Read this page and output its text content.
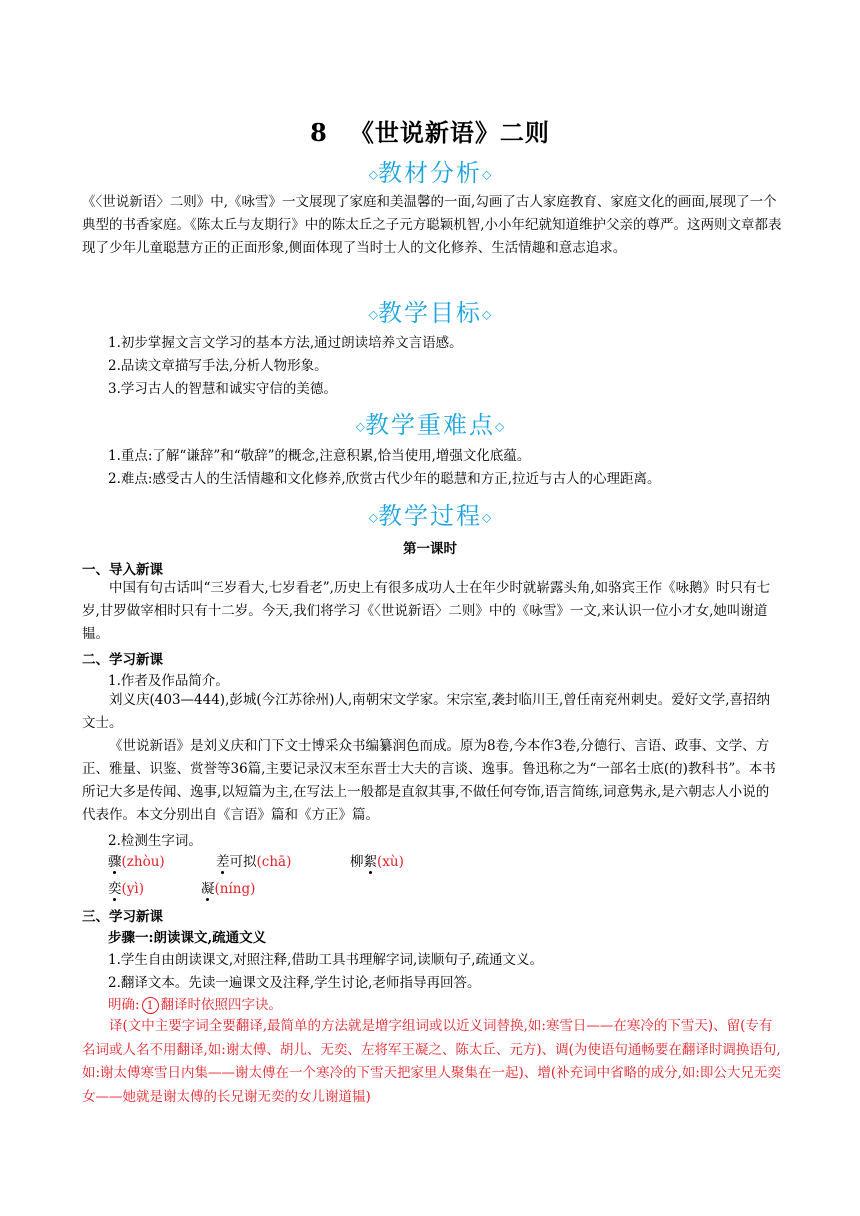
8 《世说新语》二则
◇教材分析◇

《〈世说新语〉二则》中,《咏雪》一文展现了家庭和美温馨的一面,勾画了古人家庭教育、家庭文化的画面,展现了一个典型的书香家庭。《陈太丘与友期行》中的陈太丘之子元方聪颖机智,小小年纪就知道维护父亲的尊严。这两则文章都表现了少年儿童聪慧方正的正面形象,侧面体现了当时士人的文化修养、生活情趣和意志追求。

◇教学目标◇
1.初步掌握文言文学习的基本方法,通过朗读培养文言语感。
2.品读文章描写手法,分析人物形象。
3.学习古人的智慧和诚实守信的美德。
◇教学重难点◇
1.重点:了解“谦辞”和“敬辞”的概念,注意积累,恰当使用,增强文化底蕴。
2.难点:感受古人的生活情趣和文化修养,欣赏古代少年的聪慧和方正,拉近与古人的心理距离。
◇教学过程◇
第一课时
一、导入新课

中国有句古话叫“三岁看大,七岁看老”,历史上有很多成功人士在年少时就崭露头角,如骆宾王作《咏鹅》时只有七岁,甘罗做宰相时只有十二岁。今天,我们将学习《〈世说新语〉二则》中的《咏雪》一文,来认识一位小才女,她叫谢道韫。

二、学习新课
1.作者及作品简介。

刘义庆(403—444),彭城(今江苏徐州)人,南朝宋文学家。宋宗室,袭封临川王,曾任南兖州刺史。爱好文学,喜招纳文士。

《世说新语》是刘义庆和门下文士博采众书编纂润色而成。原为8卷,今本作3卷,分德行、言语、政事、文学、方正、雅量、识鉴、赏誉等36篇,主要记录汉末至东晋士大夫的言谈、逸事。鲁迅称之为“一部名士底(的)教科书”。本书所记大多是传闻、逸事,以短篇为主,在写法上一般都是直叙其事,不做任何夸饰,语言简练,词意隽永,是六朝志人小说的代表作。本文分别出自《言语》篇和《方正》篇。

2.检测生字词。
骤(zhòu)	差可拟(chā)	柳絮(xù)
奕(yì)	凝(níng)
三、学习新课
步骤一:朗读课文,疏通文义
1.学生自由朗读课文,对照注释,借助工具书理解字词,读顺句子,疏通文义。
2.翻译文本。先读一遍课文及注释,学生讨论,老师指导再回答。
明确: 1 翻译时依照四字诀。

译(文中主要字词全要翻译,最简单的方法就是增字组词或以近义词替换,如:寒雪日——在寒冷的下雪天)、留(专有名词或人名不用翻译,如:谢太傅、胡儿、无奕、左将军王凝之、陈太丘、元方)、调(为使语句通畅要在翻译时调换语句,如:谢太傅寒雪日内集——谢太傅在一个寒冷的下雪天把家里人聚集在一起)、增(补充词中省略的成分,如:即公大兄无奕女——她就是谢太傅的长兄谢无奕的女儿谢道韫)
